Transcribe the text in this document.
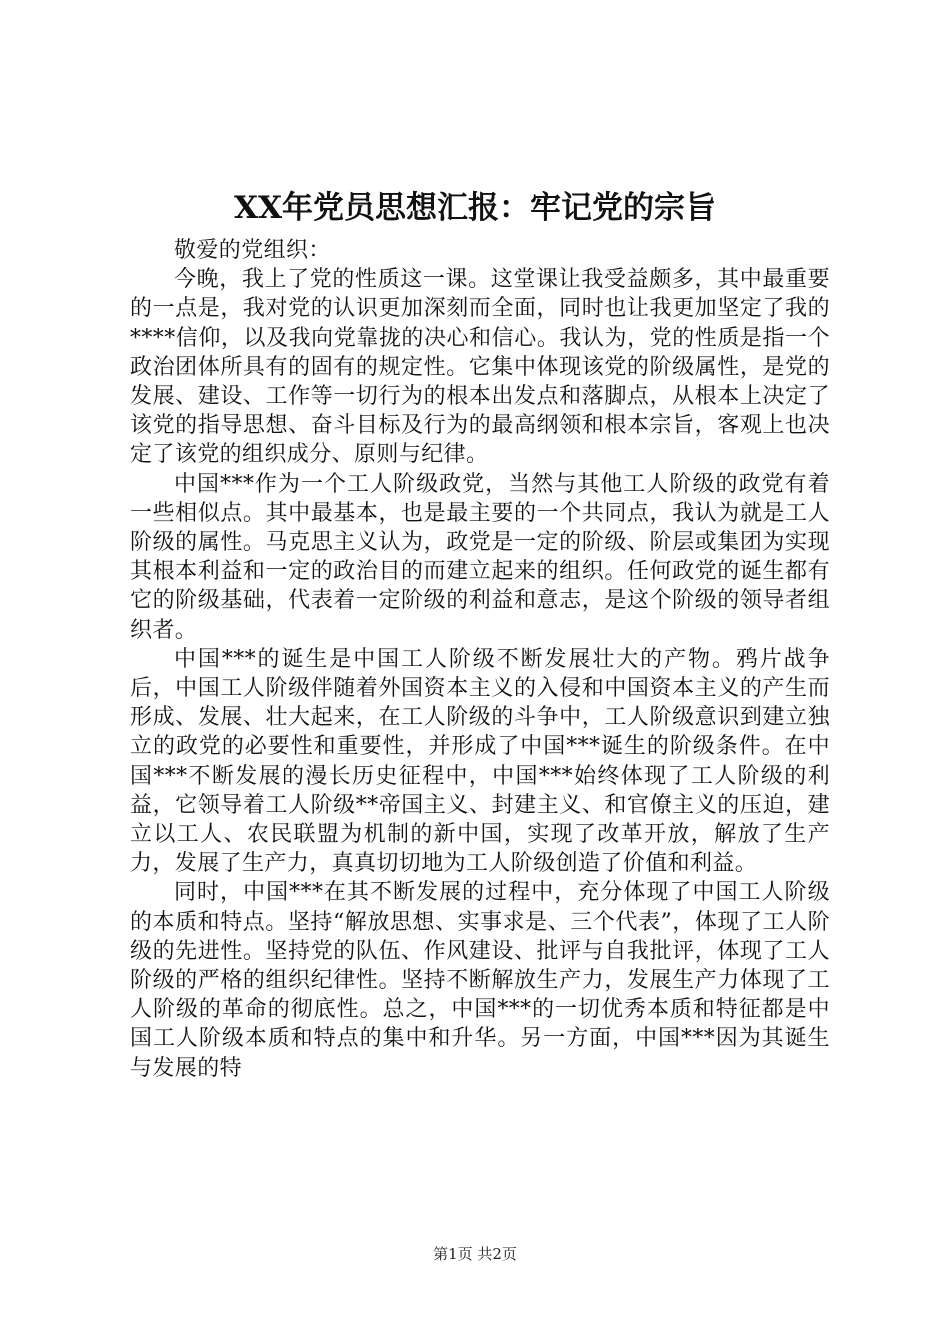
XX年党员思想汇报：牢记党的宗旨

敬爱的党组织：

今晚，我上了党的性质这一课。这堂课让我受益颇多，其中最重要的一点是，我对党的认识更加深刻而全面，同时也让我更加坚定了我的****信仰，以及我向党靠拢的决心和信心。我认为，党的性质是指一个政治团体所具有的固有的规定性。它集中体现该党的阶级属性，是党的发展、建设、工作等一切行为的根本出发点和落脚点，从根本上决定了该党的指导思想、奋斗目标及行为的最高纲领和根本宗旨，客观上也决定了该党的组织成分、原则与纪律。

中国***作为一个工人阶级政党，当然与其他工人阶级的政党有着一些相似点。其中最基本，也是最主要的一个共同点，我认为就是工人阶级的属性。马克思主义认为，政党是一定的阶级、阶层或集团为实现其根本利益和一定的政治目的而建立起来的组织。任何政党的诞生都有它的阶级基础，代表着一定阶级的利益和意志，是这个阶级的领导者组织者。

中国***的诞生是中国工人阶级不断发展壮大的产物。鸦片战争后，中国工人阶级伴随着外国资本主义的入侵和中国资本主义的产生而形成、发展、壮大起来，在工人阶级的斗争中，工人阶级意识到建立独立的政党的必要性和重要性，并形成了中国***诞生的阶级条件。在中国***不断发展的漫长历史征程中，中国***始终体现了工人阶级的利益，它领导着工人阶级**帝国主义、封建主义、和官僚主义的压迫，建立以工人、农民联盟为机制的新中国，实现了改革开放，解放了生产力，发展了生产力，真真切切地为工人阶级创造了价值和利益。

同时，中国***在其不断发展的过程中，充分体现了中国工人阶级的本质和特点。坚持“解放思想、实事求是、三个代表”，体现了工人阶级的先进性。坚持党的队伍、作风建设、批评与自我批评，体现了工人阶级的严格的组织纪律性。坚持不断解放生产力，发展生产力体现了工人阶级的革命的彻底性。总之，中国***的一切优秀本质和特征都是中国工人阶级本质和特点的集中和升华。另一方面，中国***因为其诞生与发展的特

第1页 共2页
